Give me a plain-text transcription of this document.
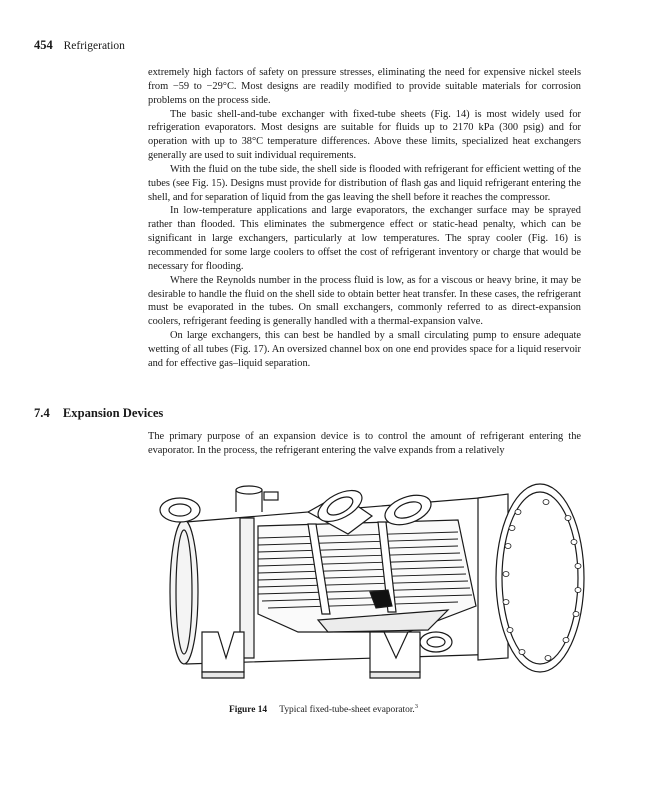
454 Refrigeration

extremely high factors of safety on pressure stresses, eliminating the need for expensive nickel steels from −59 to −29°C. Most designs are readily modified to provide suitable materials for corrosion problems on the process side.

The basic shell-and-tube exchanger with fixed-tube sheets (Fig. 14) is most widely used for refrigeration evaporators. Most designs are suitable for fluids up to 2170 kPa (300 psig) and for operation with up to 38°C temperature differences. Above these limits, specialized heat exchangers generally are used to suit individual requirements.

With the fluid on the tube side, the shell side is flooded with refrigerant for efficient wetting of the tubes (see Fig. 15). Designs must provide for distribution of flash gas and liquid refrigerant entering the shell, and for separation of liquid from the gas leaving the shell before it reaches the compressor.

In low-temperature applications and large evaporators, the exchanger surface may be sprayed rather than flooded. This eliminates the submergence effect or static-head penalty, which can be significant in large exchangers, particularly at low temperatures. The spray cooler (Fig. 16) is recommended for some large coolers to offset the cost of refrigerant inventory or charge that would be necessary for flooding.

Where the Reynolds number in the process fluid is low, as for a viscous or heavy brine, it may be desirable to handle the fluid on the shell side to obtain better heat transfer. In these cases, the refrigerant must be evaporated in the tubes. On small exchangers, commonly referred to as direct-expansion coolers, refrigerant feeding is generally handled with a thermal-expansion valve.

On large exchangers, this can best be handled by a small circulating pump to ensure adequate wetting of all tubes (Fig. 17). An oversized channel box on one end provides space for a liquid reservoir and for effective gas–liquid separation.

7.4 Expansion Devices

The primary purpose of an expansion device is to control the amount of refrigerant entering the evaporator. In the process, the refrigerant entering the valve expands from a relatively

Figure 14 Typical fixed-tube-sheet evaporator.$^3$
